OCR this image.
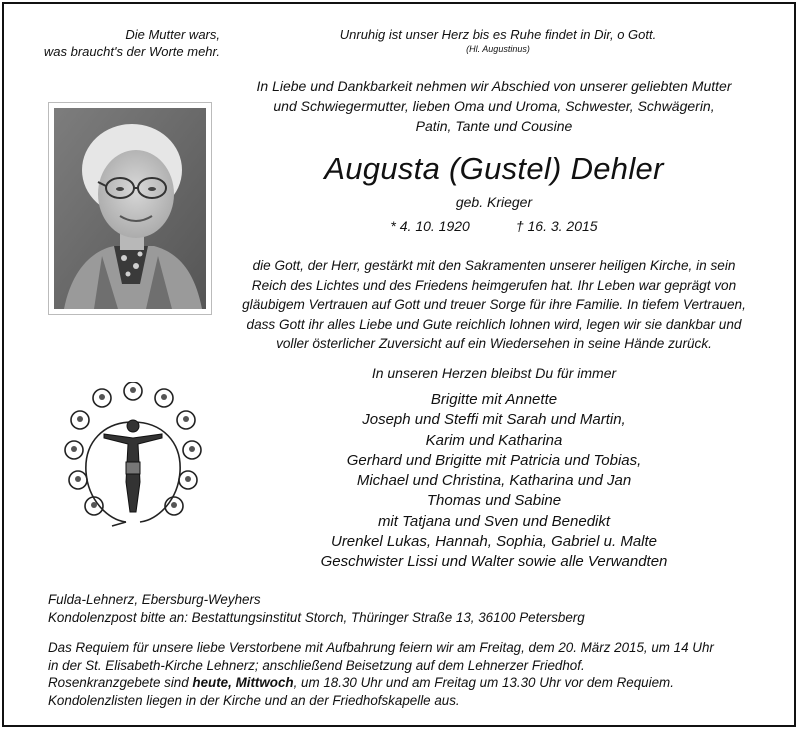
Die Mutter wars,
was braucht's der Worte mehr.
Unruhig ist unser Herz bis es Ruhe findet in Dir, o Gott.
(Hl. Augustinus)
In Liebe und Dankbarkeit nehmen wir Abschied von unserer geliebten Mutter
und Schwiegermutter, lieben Oma und Uroma, Schwester, Schwägerin,
Patin, Tante und Cousine
Augusta (Gustel) Dehler
geb. Krieger
* 4. 10. 1920	† 16. 3. 2015
die Gott, der Herr, gestärkt mit den Sakramenten unserer heiligen Kirche, in sein
Reich des Lichtes und des Friedens heimgerufen hat. Ihr Leben war geprägt von
gläubigem Vertrauen auf Gott und treuer Sorge für ihre Familie. In tiefem Vertrauen,
dass Gott ihr alles Liebe und Gute reichlich lohnen wird, legen wir sie dankbar und
voller österlicher Zuversicht auf ein Wiedersehen in seine Hände zurück.
In unseren Herzen bleibst Du für immer
Brigitte mit Annette
Joseph und Steffi mit Sarah und Martin,
Karim und Katharina
Gerhard und Brigitte mit Patricia und Tobias,
Michael und Christina, Katharina und Jan
Thomas und Sabine
mit Tatjana und Sven und Benedikt
Urenkel Lukas, Hannah, Sophia, Gabriel u. Malte
Geschwister Lissi und Walter sowie alle Verwandten
Fulda-Lehnerz, Ebersburg-Weyhers
Kondolenzpost bitte an: Bestattungsinstitut Storch, Thüringer Straße 13, 36100 Petersberg
Das Requiem für unsere liebe Verstorbene mit Aufbahrung feiern wir am Freitag, dem 20. März 2015, um 14 Uhr
in der St. Elisabeth-Kirche Lehnerz; anschließend Beisetzung auf dem Lehnerzer Friedhof.
Rosenkranzgebete sind heute, Mittwoch, um 18.30 Uhr und am Freitag um 13.30 Uhr vor dem Requiem.
Kondolenzlisten liegen in der Kirche und an der Friedhofskapelle aus.
